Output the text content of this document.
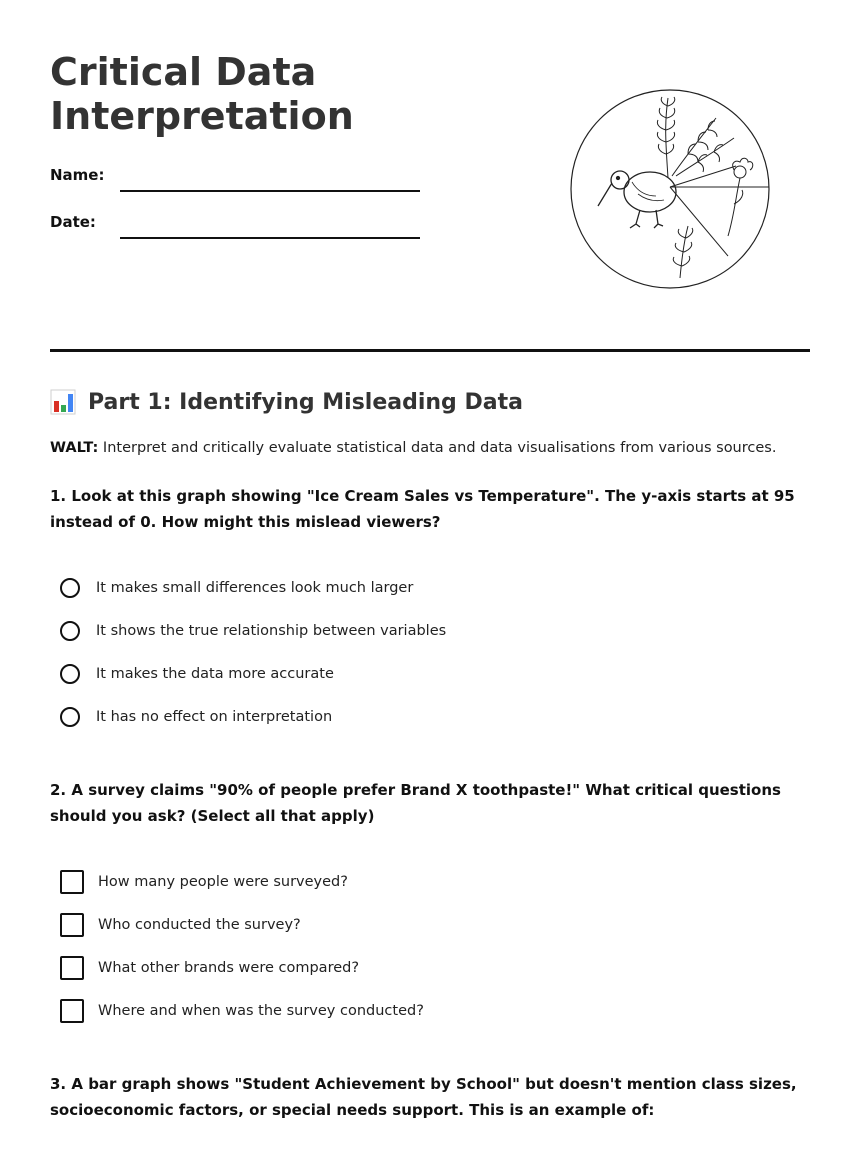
Critical Data Interpretation
Name:
Date:
Part 1: Identifying Misleading Data
WALT: Interpret and critically evaluate statistical data and data visualisations from various sources.

1. Look at this graph showing "Ice Cream Sales vs Temperature". The y-axis starts at 95 instead of 0. How might this mislead viewers?

It makes small differences look much larger
It shows the true relationship between variables
It makes the data more accurate
It has no effect on interpretation

2. A survey claims "90% of people prefer Brand X toothpaste!" What critical questions should you ask? (Select all that apply)

How many people were surveyed?
Who conducted the survey?
What other brands were compared?
Where and when was the survey conducted?

3. A bar graph shows "Student Achievement by School" but doesn't mention class sizes, socioeconomic factors, or special needs support. This is an example of:
